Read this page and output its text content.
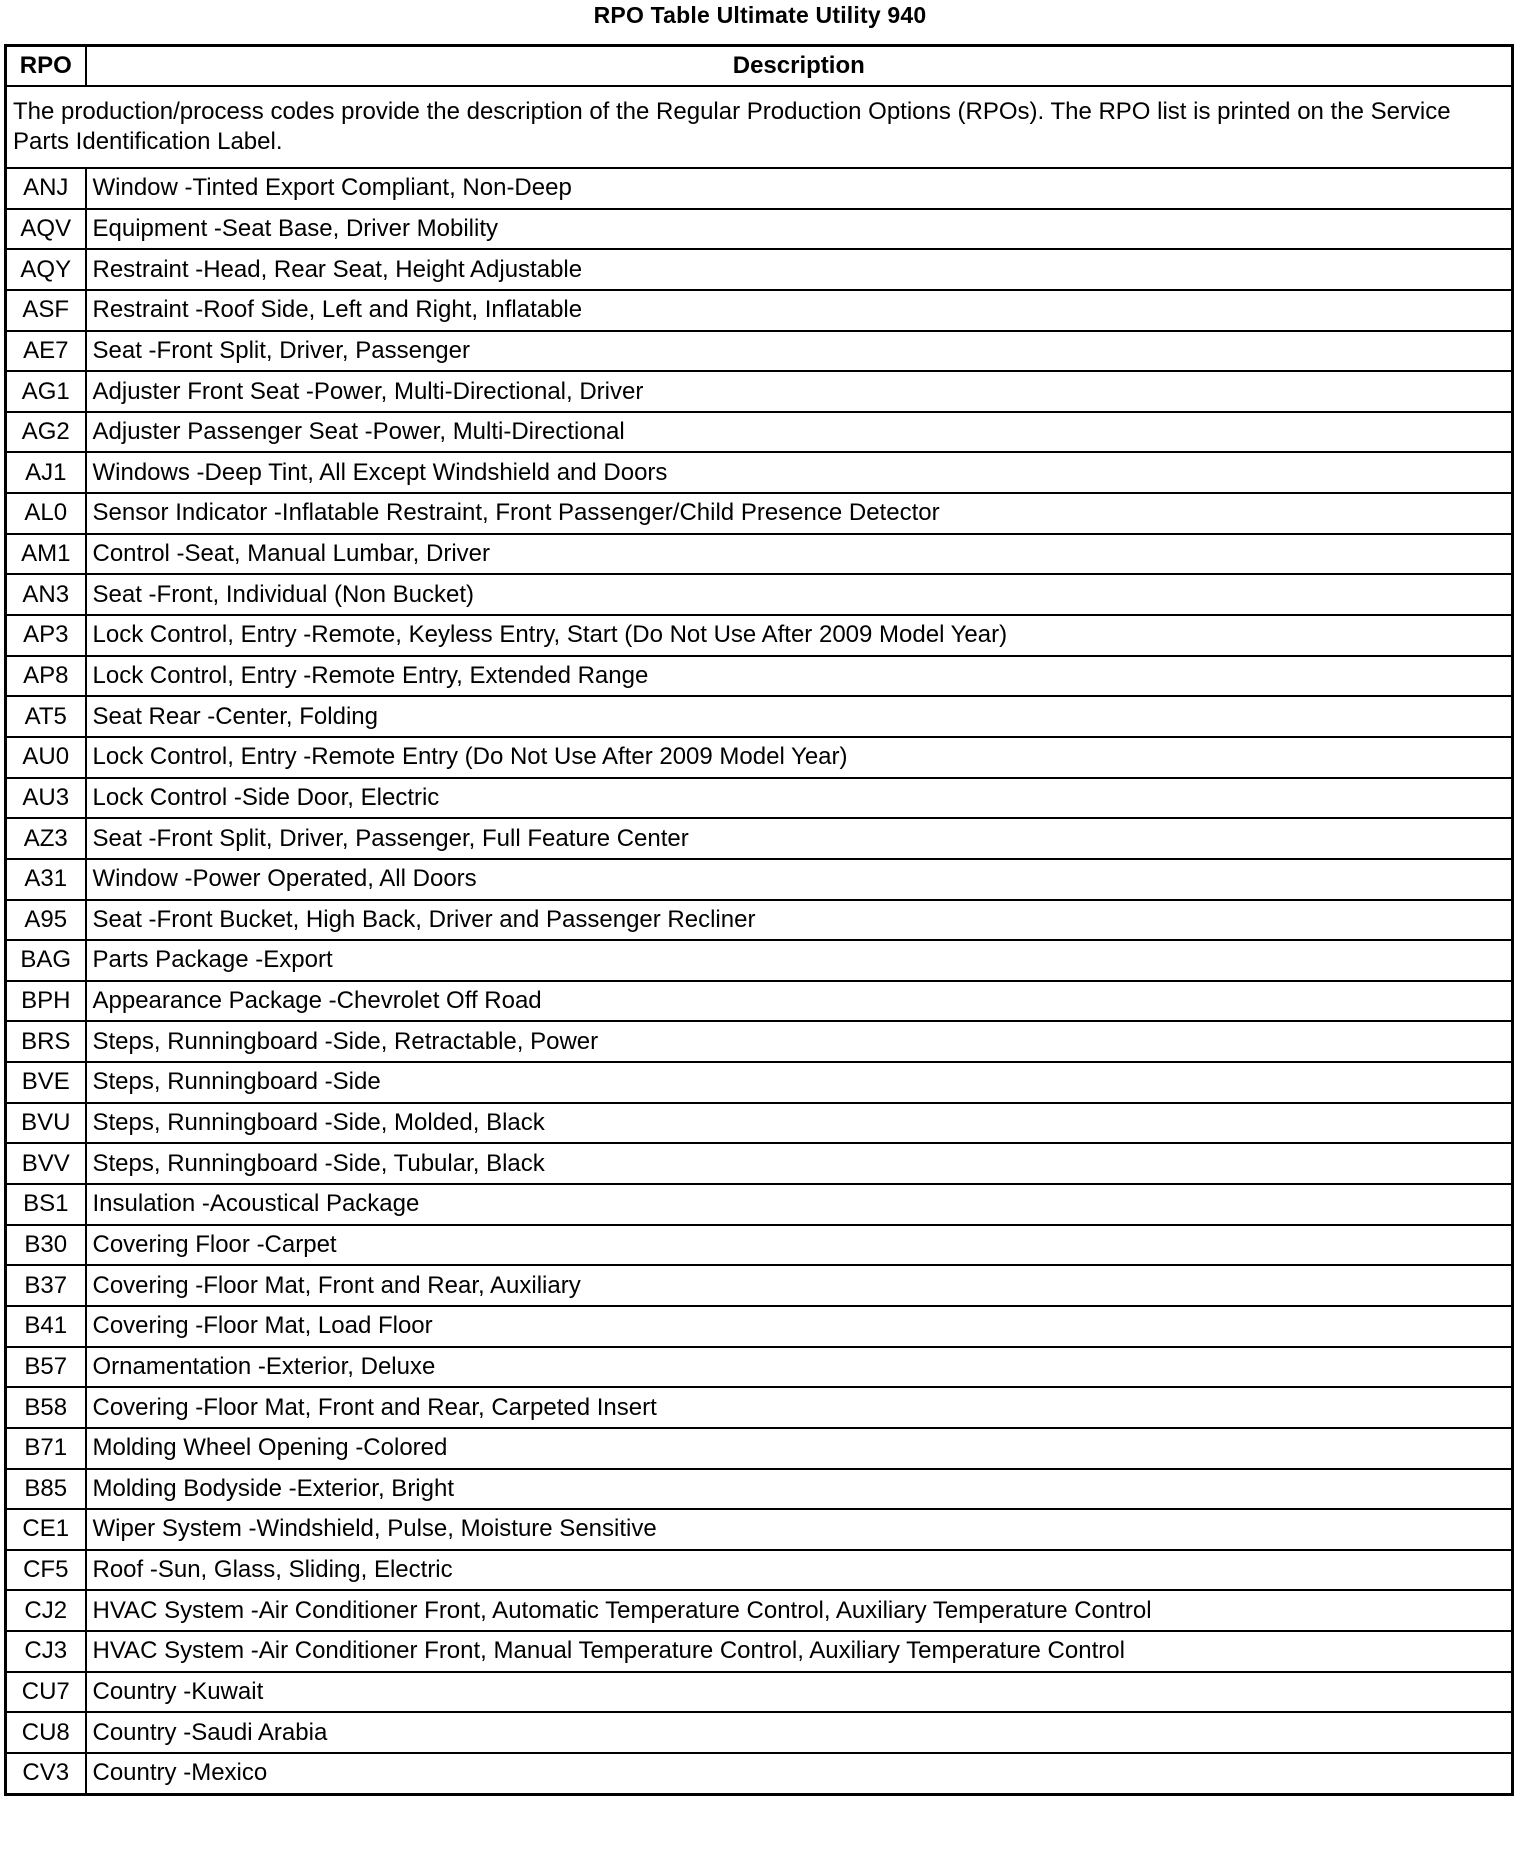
RPO Table Ultimate Utility 940
RPO	Description
The production/process codes provide the description of the Regular Production Options (RPOs). The RPO list is printed on the Service Parts Identification Label.	
ANJ	Window -Tinted Export Compliant, Non-Deep
AQV	Equipment -Seat Base, Driver Mobility
AQY	Restraint -Head, Rear Seat, Height Adjustable
ASF	Restraint -Roof Side, Left and Right, Inflatable
AE7	Seat -Front Split, Driver, Passenger
AG1	Adjuster Front Seat -Power, Multi-Directional, Driver
AG2	Adjuster Passenger Seat -Power, Multi-Directional
AJ1	Windows -Deep Tint, All Except Windshield and Doors
AL0	Sensor Indicator -Inflatable Restraint, Front Passenger/Child Presence Detector
AM1	Control -Seat, Manual Lumbar, Driver
AN3	Seat -Front, Individual (Non Bucket)
AP3	Lock Control, Entry -Remote, Keyless Entry, Start (Do Not Use After 2009 Model Year)
AP8	Lock Control, Entry -Remote Entry, Extended Range
AT5	Seat Rear -Center, Folding
AU0	Lock Control, Entry -Remote Entry (Do Not Use After 2009 Model Year)
AU3	Lock Control -Side Door, Electric
AZ3	Seat -Front Split, Driver, Passenger, Full Feature Center
A31	Window -Power Operated, All Doors
A95	Seat -Front Bucket, High Back, Driver and Passenger Recliner
BAG	Parts Package -Export
BPH	Appearance Package -Chevrolet Off Road
BRS	Steps, Runningboard -Side, Retractable, Power
BVE	Steps, Runningboard -Side
BVU	Steps, Runningboard -Side, Molded, Black
BVV	Steps, Runningboard -Side, Tubular, Black
BS1	Insulation -Acoustical Package
B30	Covering Floor -Carpet
B37	Covering -Floor Mat, Front and Rear, Auxiliary
B41	Covering -Floor Mat, Load Floor
B57	Ornamentation -Exterior, Deluxe
B58	Covering -Floor Mat, Front and Rear, Carpeted Insert
B71	Molding Wheel Opening -Colored
B85	Molding Bodyside -Exterior, Bright
CE1	Wiper System -Windshield, Pulse, Moisture Sensitive
CF5	Roof -Sun, Glass, Sliding, Electric
CJ2	HVAC System -Air Conditioner Front, Automatic Temperature Control, Auxiliary Temperature Control
CJ3	HVAC System -Air Conditioner Front, Manual Temperature Control, Auxiliary Temperature Control
CU7	Country -Kuwait
CU8	Country -Saudi Arabia
CV3	Country -Mexico
